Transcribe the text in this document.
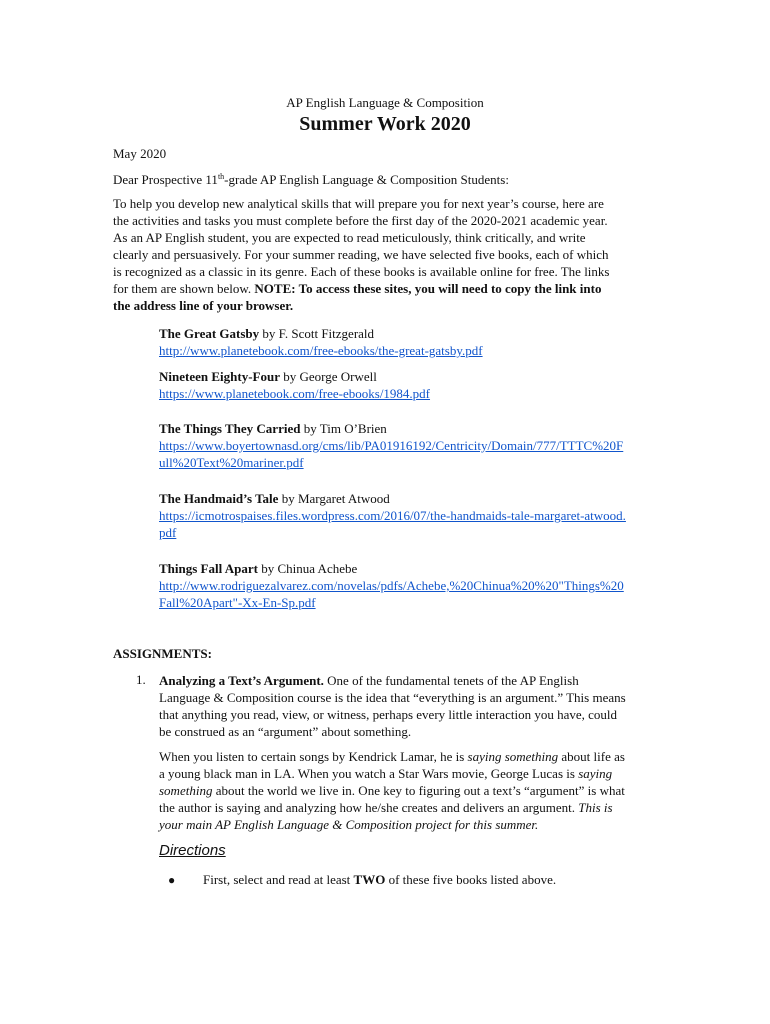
AP English Language & Composition
Summer Work 2020
May 2020
Dear Prospective 11th-grade AP English Language & Composition Students:
To help you develop new analytical skills that will prepare you for next year’s course, here are
the activities and tasks you must complete before the first day of the 2020-2021 academic year.
As an AP English student, you are expected to read meticulously, think critically, and write
clearly and persuasively. For your summer reading, we have selected five books, each of which
is recognized as a classic in its genre. Each of these books is available online for free. The links
for them are shown below. NOTE: To access these sites, you will need to copy the link into
the address line of your browser.
The Great Gatsby by F. Scott Fitzgerald
http://www.planetebook.com/free-ebooks/the-great-gatsby.pdf
Nineteen Eighty-Four by George Orwell
https://www.planetebook.com/free-ebooks/1984.pdf
The Things They Carried by Tim O’Brien
https://www.boyertownasd.org/cms/lib/PA01916192/Centricity/Domain/777/TTTC%20F
ull%20Text%20mariner.pdf
The Handmaid’s Tale by Margaret Atwood
https://icmotrospaises.files.wordpress.com/2016/07/the-handmaids-tale-margaret-atwood.
pdf
Things Fall Apart by Chinua Achebe
http://www.rodriguezalvarez.com/novelas/pdfs/Achebe,%20Chinua%20%20"Things%20
Fall%20Apart"-Xx-En-Sp.pdf
ASSIGNMENTS:
1. Analyzing a Text’s Argument. One of the fundamental tenets of the AP English
Language & Composition course is the idea that “everything is an argument.” This means
that anything you read, view, or witness, perhaps every little interaction you have, could
be construed as an “argument” about something.
When you listen to certain songs by Kendrick Lamar, he is saying something about life as
a young black man in LA. When you watch a Star Wars movie, George Lucas is saying
something about the world we live in. One key to figuring out a text’s “argument” is what
the author is saying and analyzing how he/she creates and delivers an argument. This is
your main AP English Language & Composition project for this summer.
Directions
● First, select and read at least TWO of these five books listed above.
